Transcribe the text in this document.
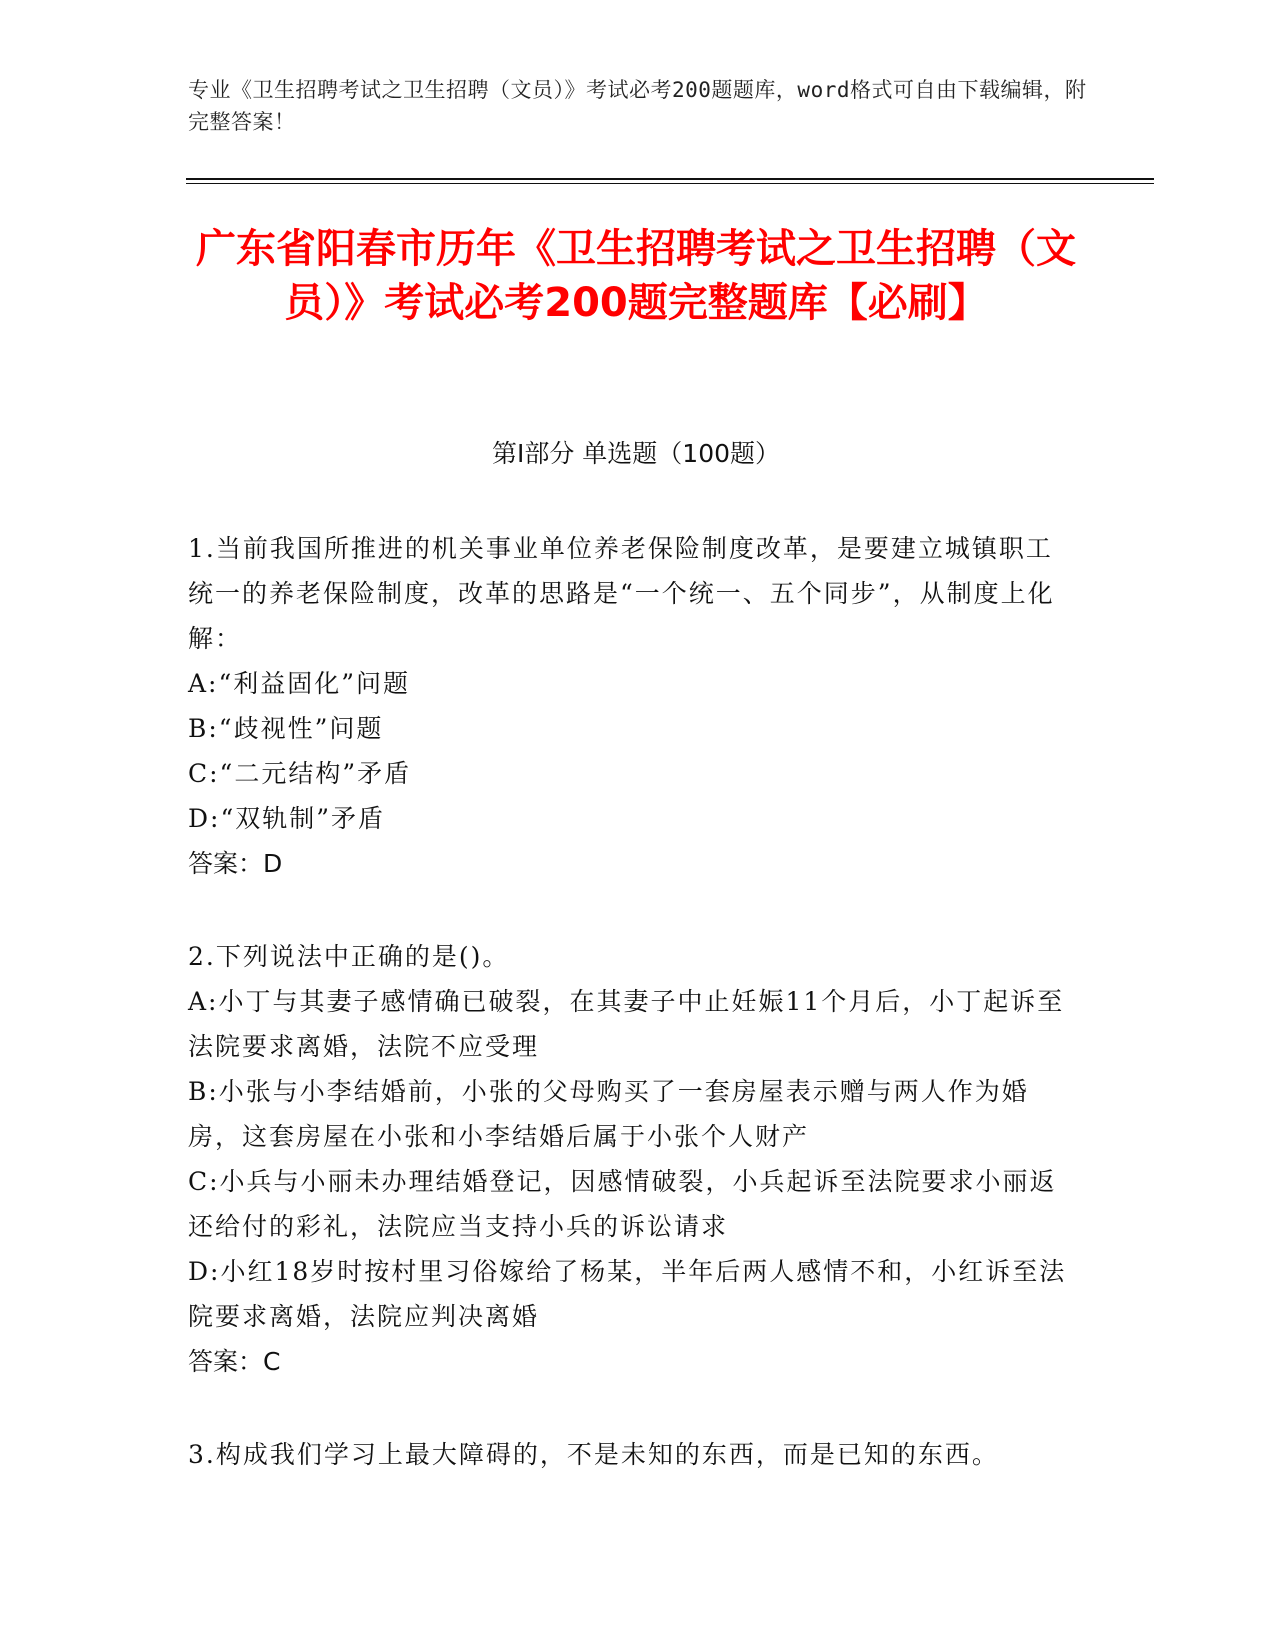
专业《卫生招聘考试之卫生招聘（文员）》考试必考200题题库，word格式可自由下载编辑，附完整答案！
广东省阳春市历年《卫生招聘考试之卫生招聘（文员）》考试必考200题完整题库【必刷】
第I部分 单选题（100题）
1.当前我国所推进的机关事业单位养老保险制度改革，是要建立城镇职工统一的养老保险制度，改革的思路是“一个统一、五个同步”，从制度上化解：
A:“利益固化”问题
B:“歧视性”问题
C:“二元结构”矛盾
D:“双轨制”矛盾
答案：D
2.下列说法中正确的是()。
A:小丁与其妻子感情确已破裂，在其妻子中止妊娠11个月后，小丁起诉至法院要求离婚，法院不应受理
B:小张与小李结婚前，小张的父母购买了一套房屋表示赠与两人作为婚房，这套房屋在小张和小李结婚后属于小张个人财产
C:小兵与小丽未办理结婚登记，因感情破裂，小兵起诉至法院要求小丽返还给付的彩礼，法院应当支持小兵的诉讼请求
D:小红18岁时按村里习俗嫁给了杨某，半年后两人感情不和，小红诉至法院要求离婚，法院应判决离婚
答案：C
3.构成我们学习上最大障碍的，不是未知的东西，而是已知的东西。
